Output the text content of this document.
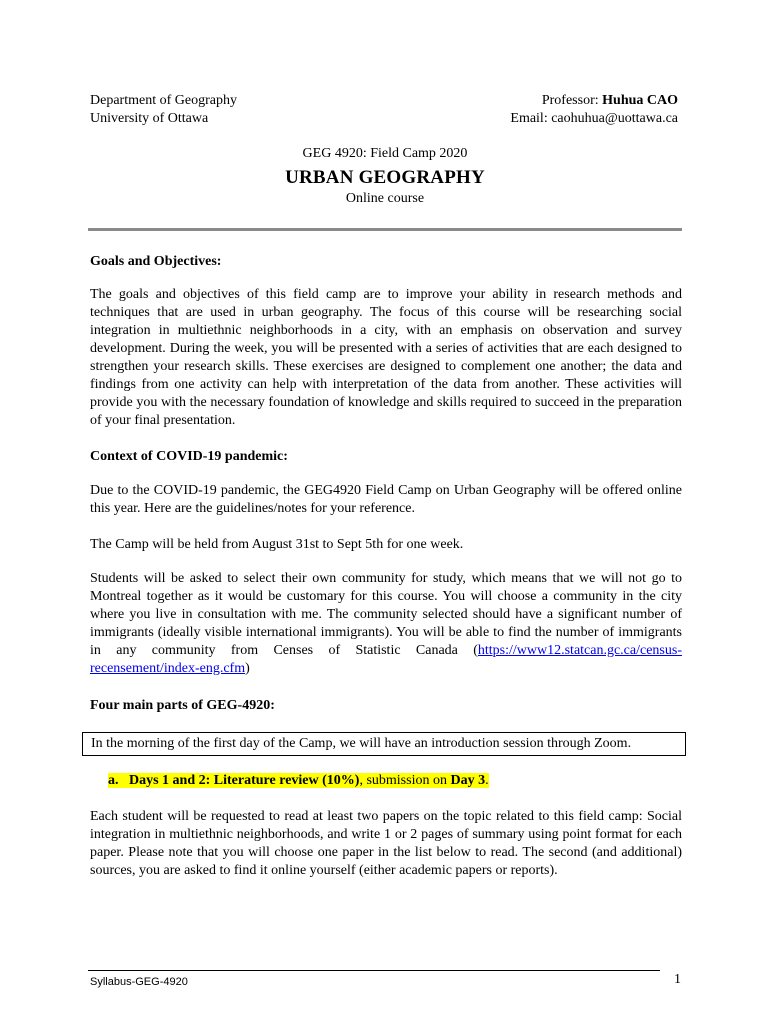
Department of Geography
University of Ottawa
Professor: Huhua CAO
Email: caohuhua@uottawa.ca
GEG 4920: Field Camp 2020
URBAN GEOGRAPHY
Online course
Goals and Objectives:

The goals and objectives of this field camp are to improve your ability in research methods and techniques that are used in urban geography. The focus of this course will be researching social integration in multiethnic neighborhoods in a city, with an emphasis on observation and survey development. During the week, you will be presented with a series of activities that are each designed to strengthen your research skills. These exercises are designed to complement one another; the data and findings from one activity can help with interpretation of the data from another. These activities will provide you with the necessary foundation of knowledge and skills required to succeed in the preparation of your final presentation.

Context of COVID-19 pandemic:

Due to the COVID-19 pandemic, the GEG4920 Field Camp on Urban Geography will be offered online this year. Here are the guidelines/notes for your reference.

The Camp will be held from August 31st to Sept 5th for one week.

Students will be asked to select their own community for study, which means that we will not go to Montreal together as it would be customary for this course. You will choose a community in the city where you live in consultation with me. The community selected should have a significant number of immigrants (ideally visible international immigrants). You will be able to find the number of immigrants in any community from Censes of Statistic Canada (https://www12.statcan.gc.ca/census-recensement/index-eng.cfm)

Four main parts of GEG-4920:
In the morning of the first day of the Camp, we will have an introduction session through Zoom.
a. Days 1 and 2: Literature review (10%), submission on Day 3.

Each student will be requested to read at least two papers on the topic related to this field camp: Social integration in multiethnic neighborhoods, and write 1 or 2 pages of summary using point format for each paper. Please note that you will choose one paper in the list below to read. The second (and additional) sources, you are asked to find it online yourself (either academic papers or reports).

Syllabus-GEG-4920	1
